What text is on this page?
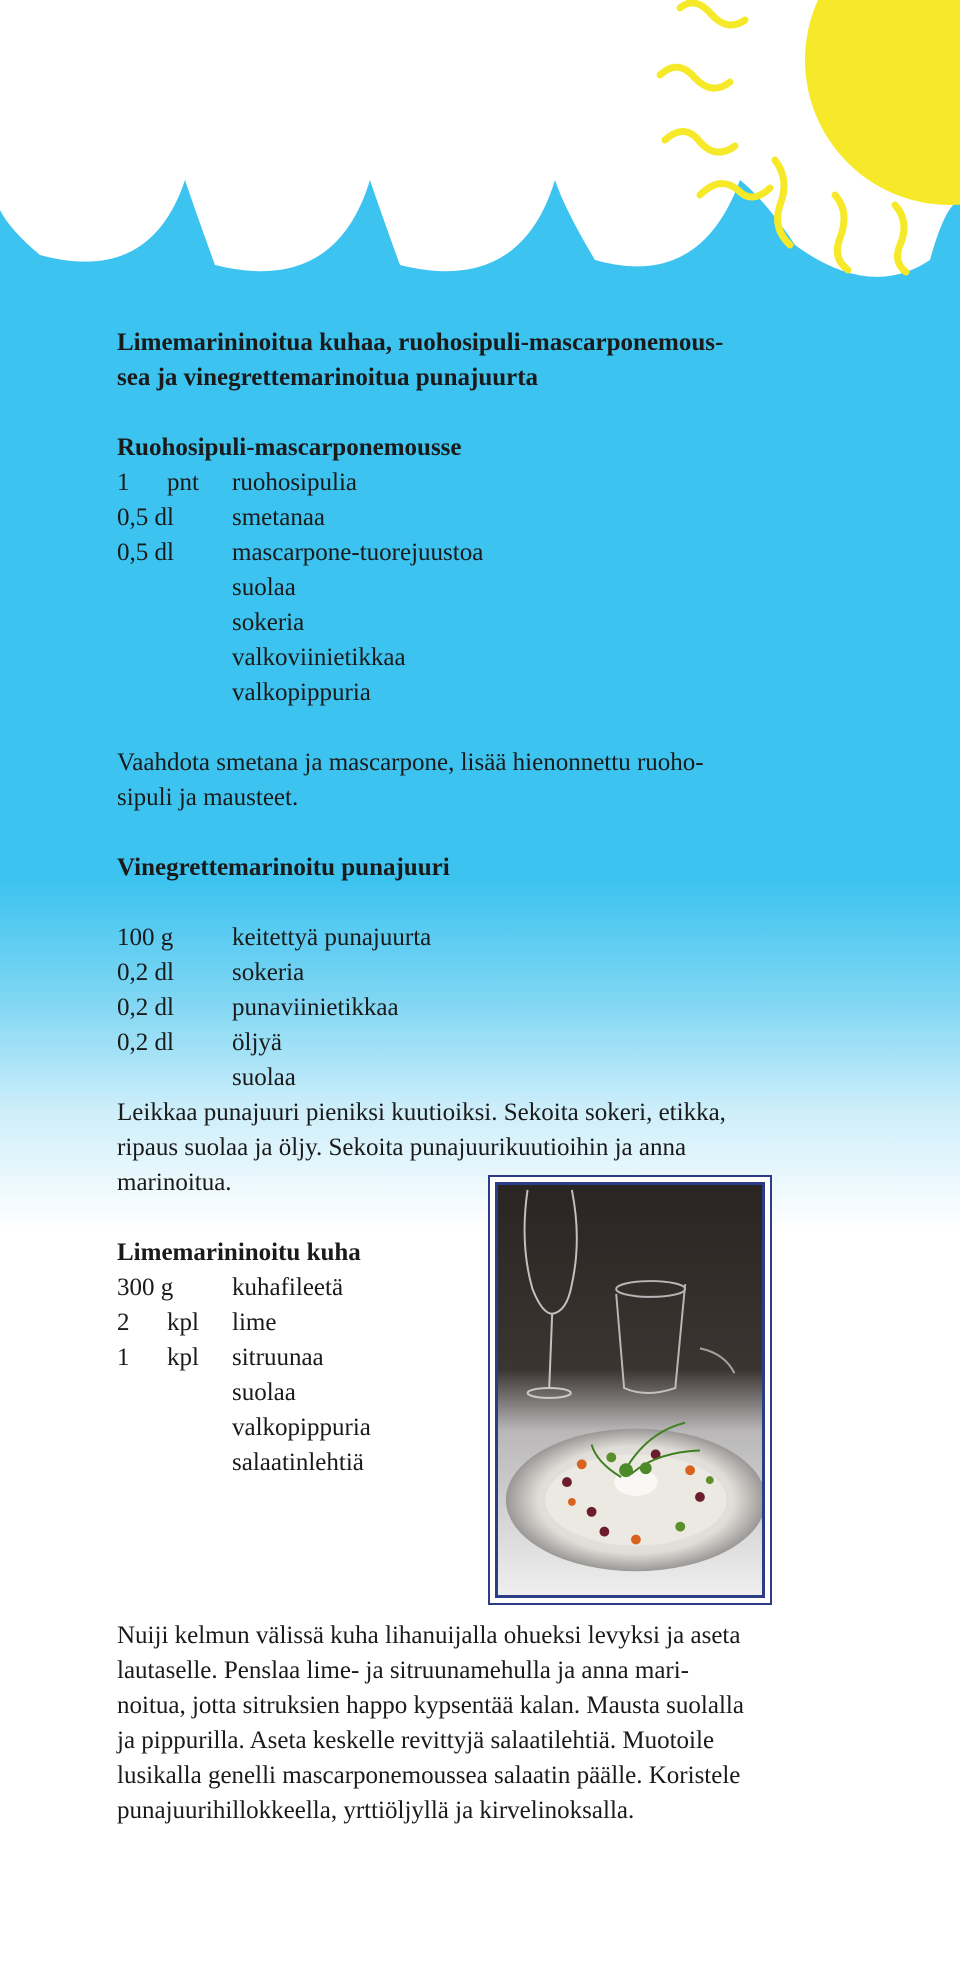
Limemarininoitua kuhaa, ruohosipuli-mascarponemous-
sea ja vinegrettemarinoitua punajuurta
Ruohosipuli-mascarponemousse
1 pnt	ruohosipulia
0,5 dl	smetanaa
0,5 dl	mascarpone-tuorejuustoa
suolaa
sokeria
valkoviinietikkaa
valkopippuria
Vaahdota smetana ja mascarpone, lisää hienonnettu ruoho-
sipuli ja mausteet.
Vinegrettemarinoitu punajuuri
100 g	keitettyä punajuurta
0,2 dl	sokeria
0,2 dl	punaviinietikkaa
0,2 dl	öljyä
suolaa
Leikkaa punajuuri pieniksi kuutioiksi. Sekoita sokeri, etikka,
ripaus suolaa ja öljy. Sekoita punajuurikuutioihin ja anna
marinoitua.
Limemarininoitu kuha
300 g	kuhafileetä
2 kpl	lime
1 kpl	sitruunaa
suolaa
valkopippuria
salaatinlehtiä
Nuiji kelmun välissä kuha lihanuijalla ohueksi levyksi ja aseta
lautaselle. Penslaa lime- ja sitruunamehulla ja anna mari-
noitua, jotta sitruksien happo kypsentää kalan. Mausta suolalla
ja pippurilla. Aseta keskelle revittyjä salaatilehtiä. Muotoile
lusikalla genelli mascarponemoussea salaatin päälle. Koristele
punajuurihillokkeella, yrttiöljyllä ja kirvelinoksalla.
